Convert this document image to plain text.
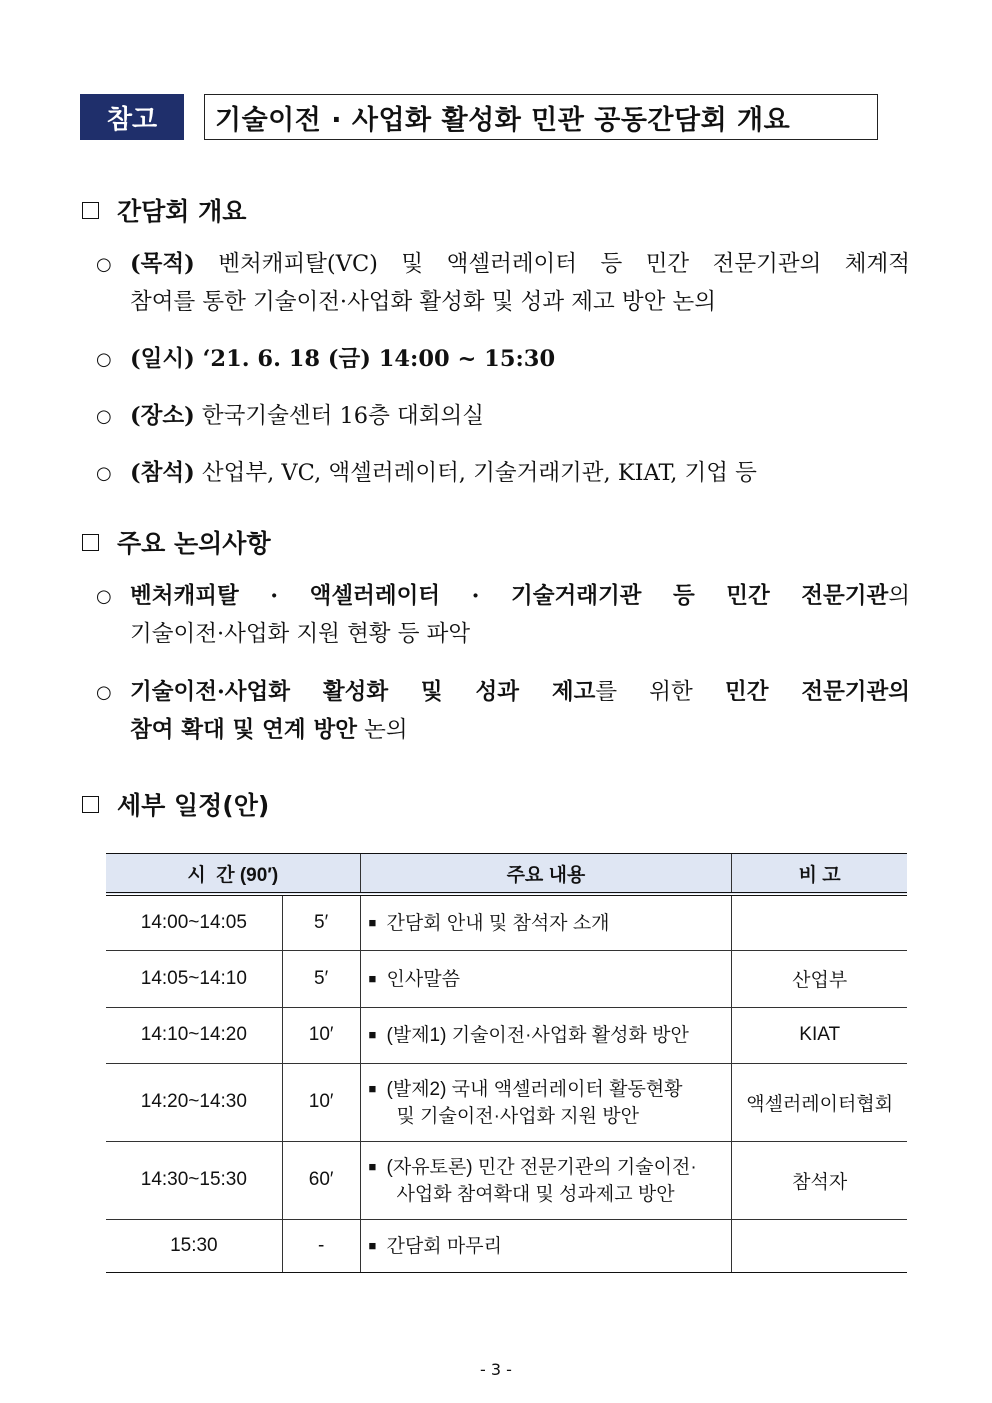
참고	기술이전 · 사업화 활성화 민관 공동간담회 개요
간담회 개요
○ (목적) 벤처캐피탈(VC) 및 액셀러레이터 등 민간 전문기관의 체계적
참여를 통한 기술이전·사업화 활성화 및 성과 제고 방안 논의
○ (일시) ‘21. 6. 18 (금) 14:00 ~ 15:30
○ (장소) 한국기술센터 16층 대회의실
○ (참석) 산업부, VC, 액셀러레이터, 기술거래기관, KIAT, 기업 등
주요 논의사항
○ 벤처캐피탈 · 액셀러레이터 · 기술거래기관 등 민간 전문기관의
기술이전·사업화 지원 현황 등 파악
○ 기술이전·사업화 활성화 및 성과 제고를 위한 민간 전문기관의
참여 확대 및 연계 방안 논의
세부 일정(안)
시  간 (90′)		주요 내용	비 고
14:00~14:05	5′	■ 간담회 안내 및 참석자 소개	

14:05~14:10	5′	■ 인사말씀	산업부
14:10~14:20	10′	■ (발제1) 기술이전·사업화 활성화 방안	KIAT
14:20~14:30	10′	■ (발제2) 국내 액셀러레이터 활동현황
및 기술이전·사업화 지원 방안	액셀러레이터협회
14:30~15:30	60′	■ (자유토론) 민간 전문기관의 기술이전·
사업화 참여확대 및 성과제고 방안	참석자
15:30	-	■ 간담회 마무리	

- 3 -
